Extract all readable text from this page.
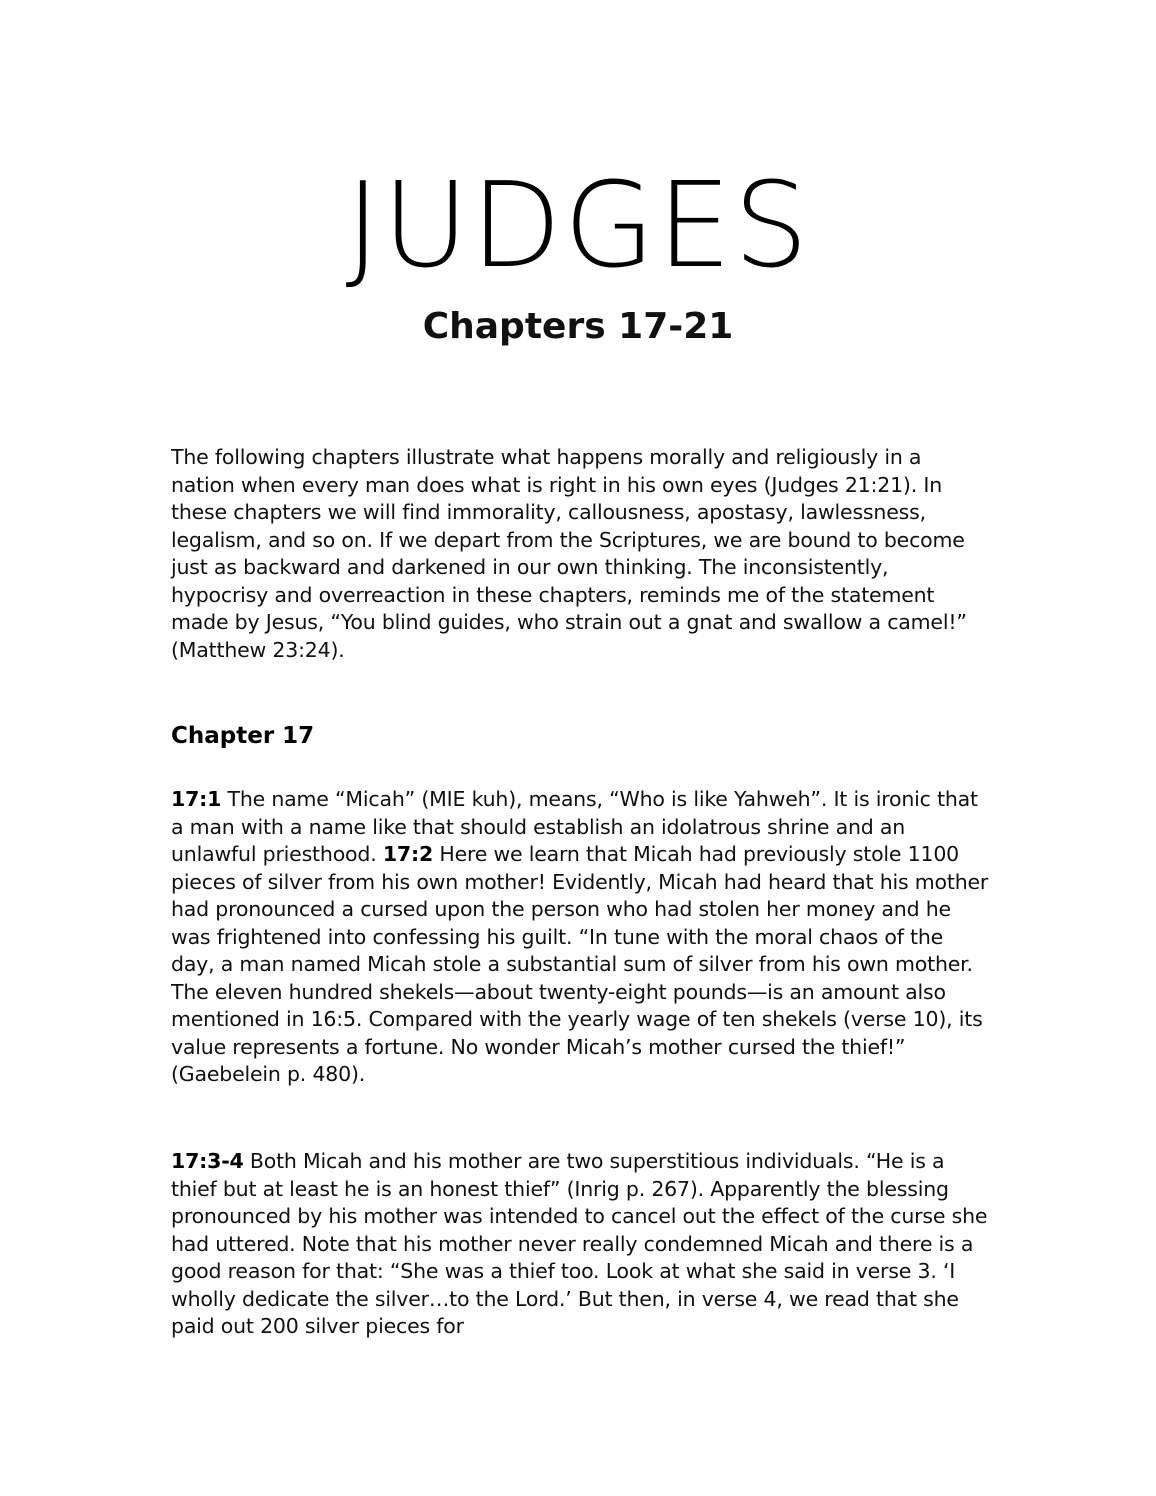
JUDGES
Chapters 17-21

The following chapters illustrate what happens morally and religiously in a nation when every man does what is right in his own eyes (Judges 21:21). In these chapters we will find immorality, callousness, apostasy, lawlessness, legalism, and so on. If we depart from the Scriptures, we are bound to become just as backward and darkened in our own thinking. The inconsistently, hypocrisy and overreaction in these chapters, reminds me of the statement made by Jesus, “You blind guides, who strain out a gnat and swallow a camel!” (Matthew 23:24).

Chapter 17

17:1 The name “Micah” (MIE kuh), means, “Who is like Yahweh”. It is ironic that a man with a name like that should establish an idolatrous shrine and an unlawful priesthood. 17:2 Here we learn that Micah had previously stole 1100 pieces of silver from his own mother! Evidently, Micah had heard that his mother had pronounced a cursed upon the person who had stolen her money and he was frightened into confessing his guilt. “In tune with the moral chaos of the day, a man named Micah stole a substantial sum of silver from his own mother. The eleven hundred shekels—about twenty-eight pounds—is an amount also mentioned in 16:5. Compared with the yearly wage of ten shekels (verse 10), its value represents a fortune. No wonder Micah’s mother cursed the thief!” (Gaebelein p. 480).

17:3-4 Both Micah and his mother are two superstitious individuals. “He is a thief but at least he is an honest thief” (Inrig p. 267). Apparently the blessing pronounced by his mother was intended to cancel out the effect of the curse she had uttered. Note that his mother never really condemned Micah and there is a good reason for that: “She was a thief too. Look at what she said in verse 3. ‘I wholly dedicate the silver…to the Lord.’ But then, in verse 4, we read that she paid out 200 silver pieces for
